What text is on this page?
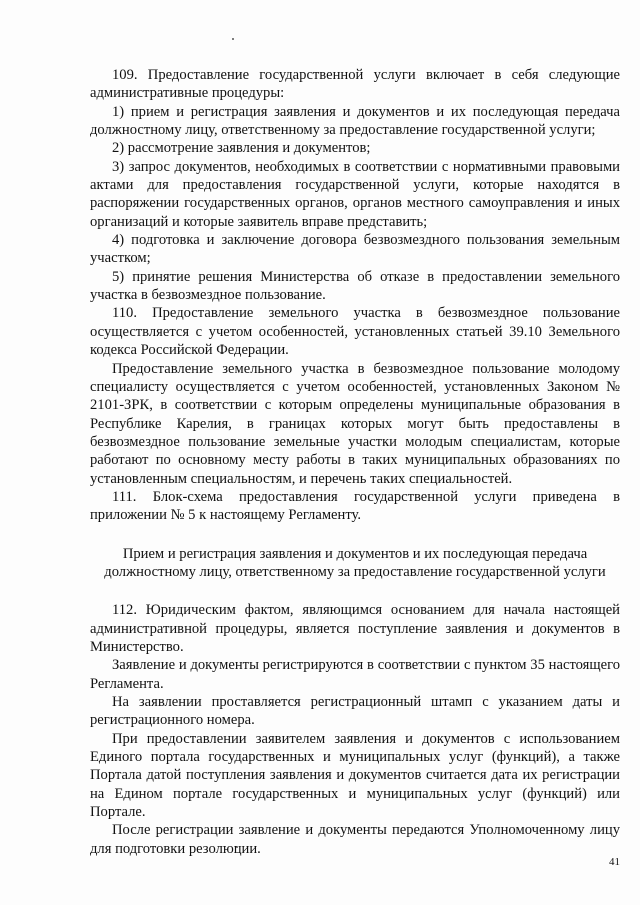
109. Предоставление государственной услуги включает в себя следующие административные процедуры:

1) прием и регистрация заявления и документов и их последующая передача должностному лицу, ответственному за предоставление государственной услуги;

2) рассмотрение заявления и документов;

3) запрос документов, необходимых в соответствии с нормативными правовыми актами для предоставления государственной услуги, которые находятся в распоряжении государственных органов, органов местного самоуправления и иных организаций и которые заявитель вправе представить;

4) подготовка и заключение договора безвозмездного пользования земельным участком;

5) принятие решения Министерства об отказе в предоставлении земельного участка в безвозмездное пользование.

110. Предоставление земельного участка в безвозмездное пользование осуществляется с учетом особенностей, установленных статьей 39.10 Земельного кодекса Российской Федерации.

Предоставление земельного участка в безвозмездное пользование молодому специалисту осуществляется с учетом особенностей, установленных Законом № 2101-ЗРК, в соответствии с которым определены муниципальные образования в Республике Карелия, в границах которых могут быть предоставлены в безвозмездное пользование земельные участки молодым специалистам, которые работают по основному месту работы в таких муниципальных образованиях по установленным специальностям, и перечень таких специальностей.

111. Блок-схема предоставления государственной услуги приведена в приложении № 5 к настоящему Регламенту.

Прием и регистрация заявления и документов и их последующая передача должностному лицу, ответственному за предоставление государственной услуги

112. Юридическим фактом, являющимся основанием для начала настоящей административной процедуры, является поступление заявления и документов в Министерство.

Заявление и документы регистрируются в соответствии с пунктом 35 настоящего Регламента.

На заявлении проставляется регистрационный штамп с указанием даты и регистрационного номера.

При предоставлении заявителем заявления и документов с использованием Единого портала государственных и муниципальных услуг (функций), а также Портала датой поступления заявления и документов считается дата их регистрации на Едином портале государственных и муниципальных услуг (функций) или Портале.

После регистрации заявление и документы передаются Уполномоченному лицу для подготовки резолюции.

41
